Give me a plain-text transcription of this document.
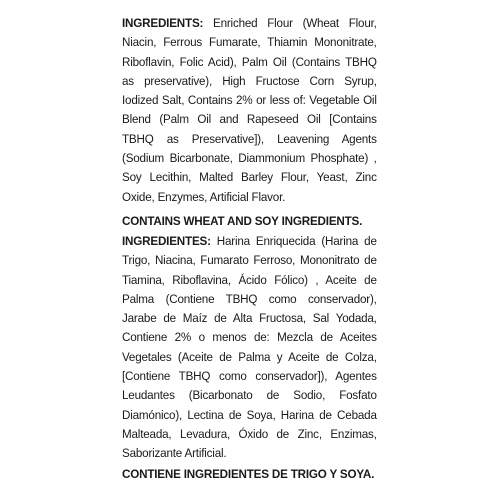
INGREDIENTS: Enriched Flour (Wheat Flour, Niacin, Ferrous Fumarate, Thiamin Mononitrate, Riboflavin, Folic Acid), Palm Oil (Contains TBHQ as preservative), High Fructose Corn Syrup, Iodized Salt, Contains 2% or less of: Vegetable Oil Blend (Palm Oil and Rapeseed Oil [Contains TBHQ as Preservative]), Leavening Agents (Sodium Bicarbonate, Diammonium Phosphate) , Soy Lecithin, Malted Barley Flour, Yeast, Zinc Oxide, Enzymes, Artificial Flavor.
CONTAINS WHEAT AND SOY INGREDIENTS.
INGREDIENTES: Harina Enriquecida (Harina de Trigo, Niacina, Fumarato Ferroso, Mononitrato de Tiamina, Riboflavina, Ácido Fólico) , Aceite de Palma (Contiene TBHQ como conservador), Jarabe de Maíz de Alta Fructosa, Sal Yodada, Contiene 2% o menos de: Mezcla de Aceites Vegetales (Aceite de Palma y Aceite de Colza, [Contiene TBHQ como conservador]), Agentes Leudantes (Bicarbonato de Sodio, Fosfato Diamónico), Lectina de Soya, Harina de Cebada Malteada, Levadura, Óxido de Zinc, Enzimas, Saborizante Artificial.
CONTIENE INGREDIENTES DE TRIGO Y SOYA.
